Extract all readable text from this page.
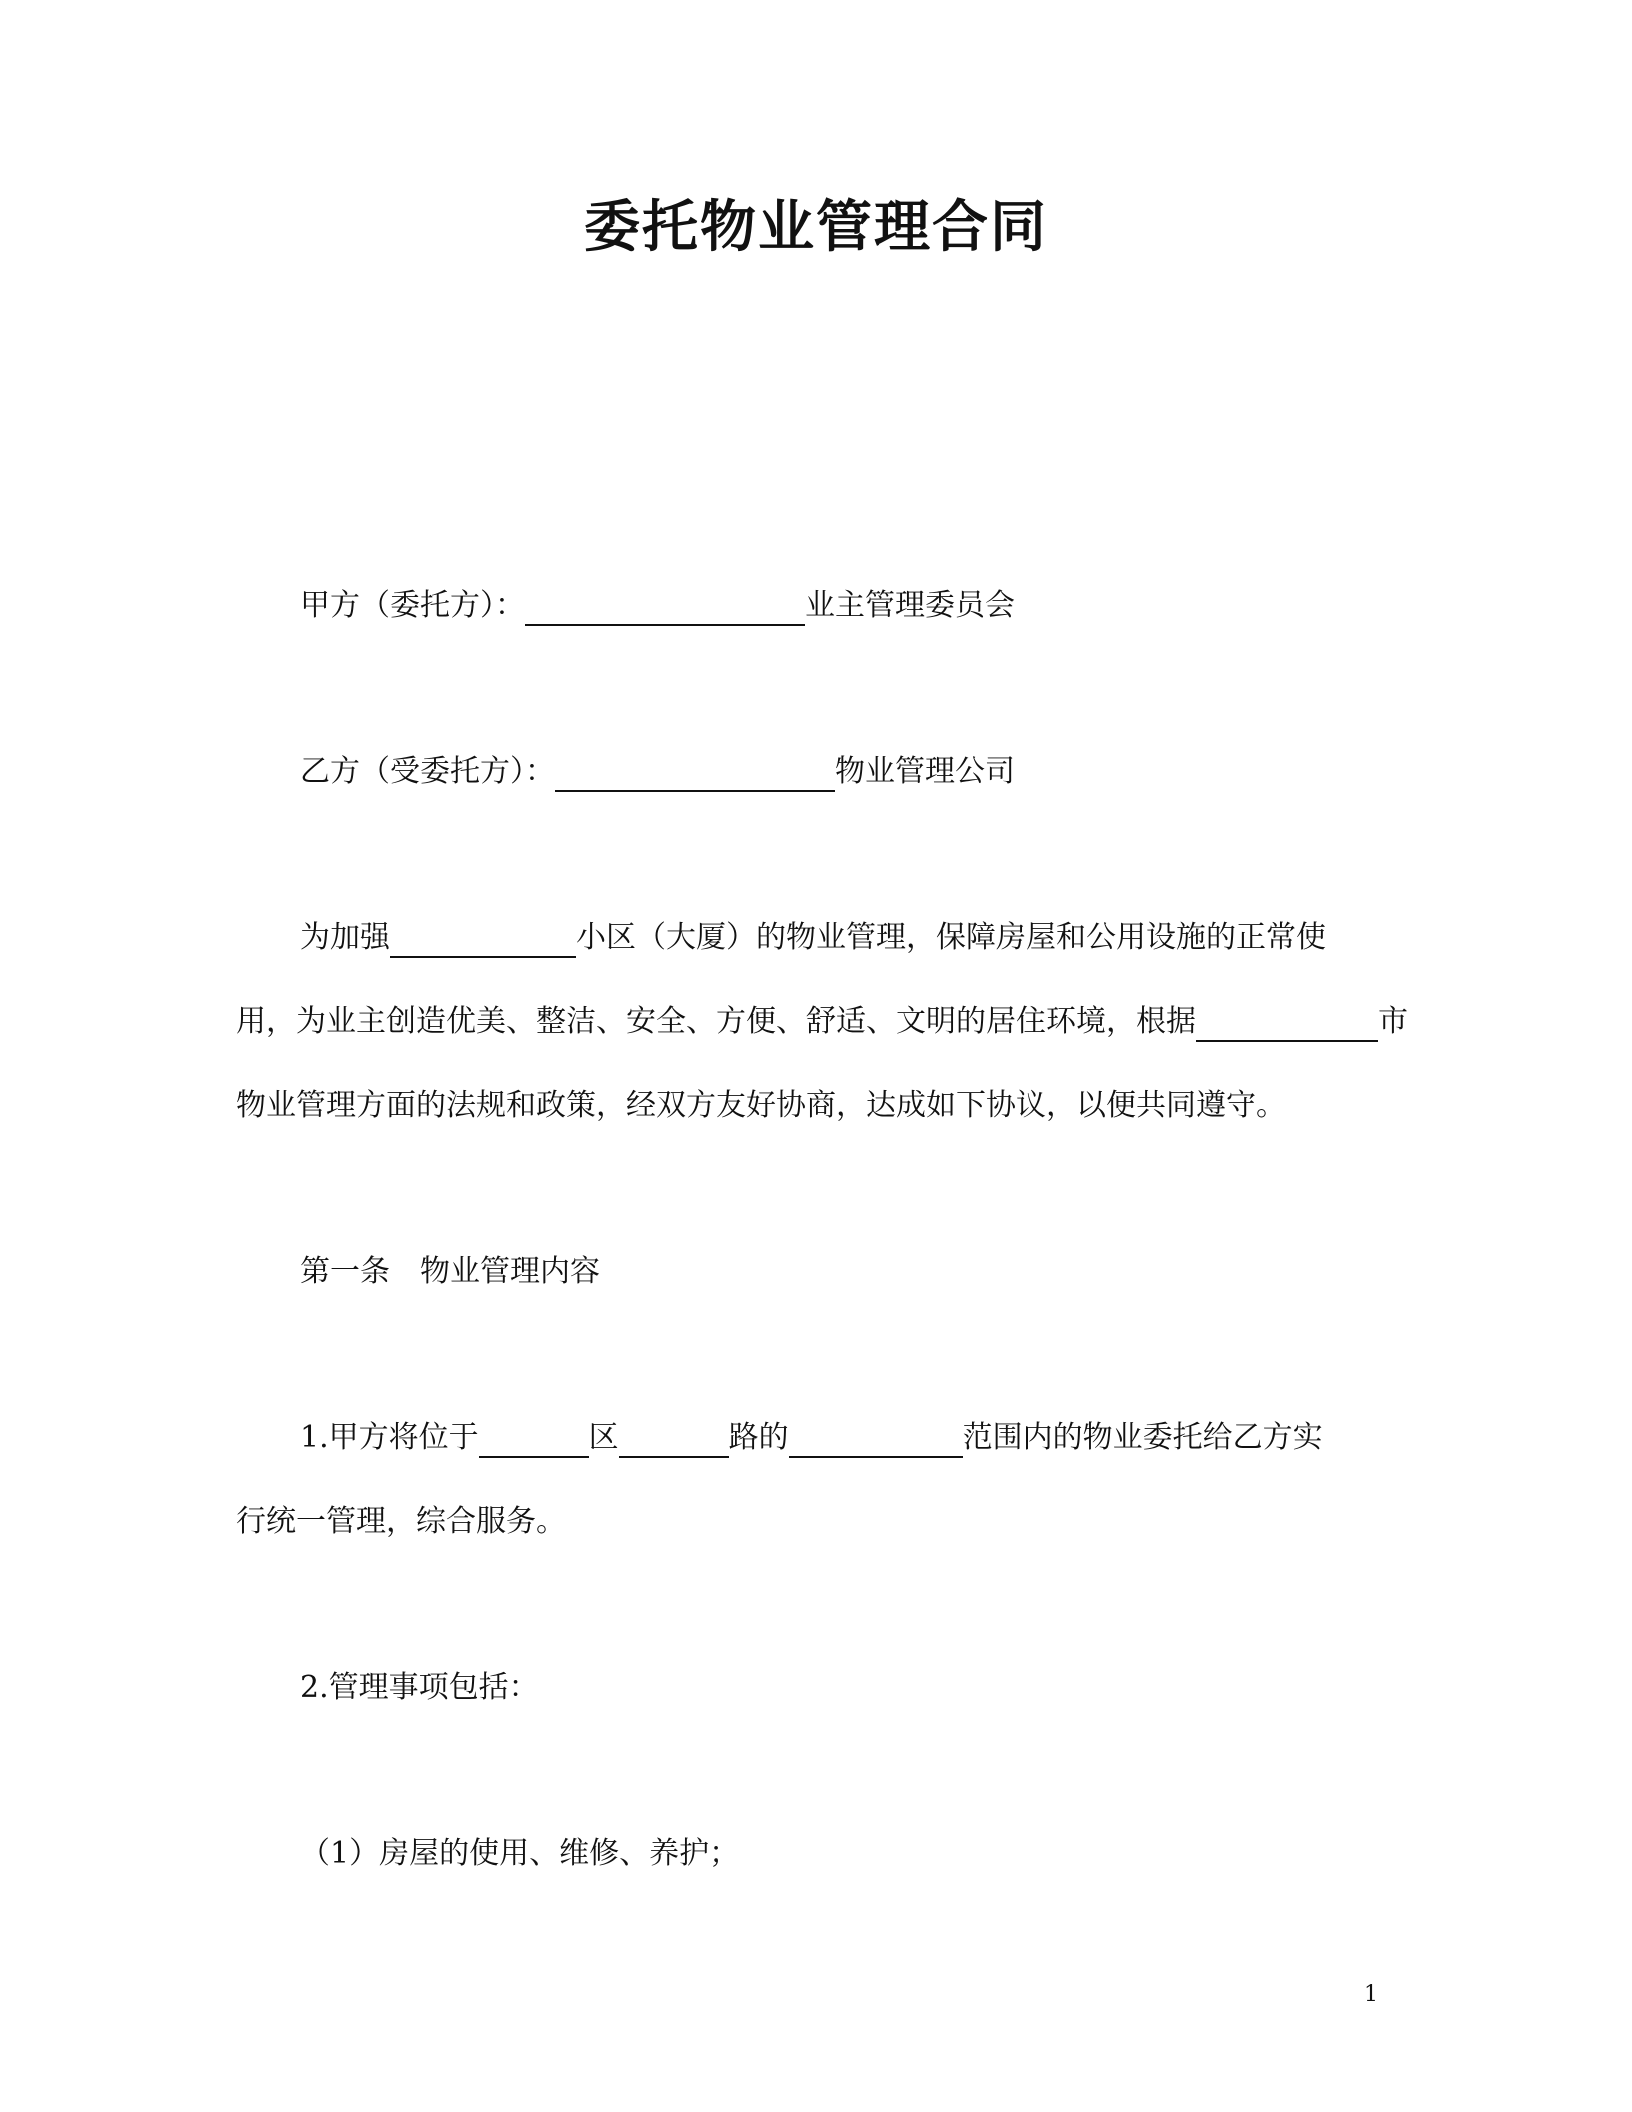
委托物业管理合同
甲方（委托方）：	业主管理委员会
乙方（受委托方）：	物业管理公司
为加强	小区（大厦）的物业管理，保障房屋和公用设施的正常使
用，为业主创造优美、整洁、安全、方便、舒适、文明的居住环境，根据	市
物业管理方面的法规和政策，经双方友好协商，达成如下协议，以便共同遵守。
第一条　物业管理内容
1.甲方将位于	区	路的	范围内的物业委托给乙方实
行统一管理，综合服务。
2.管理事项包括：
（1）房屋的使用、维修、养护；
1
